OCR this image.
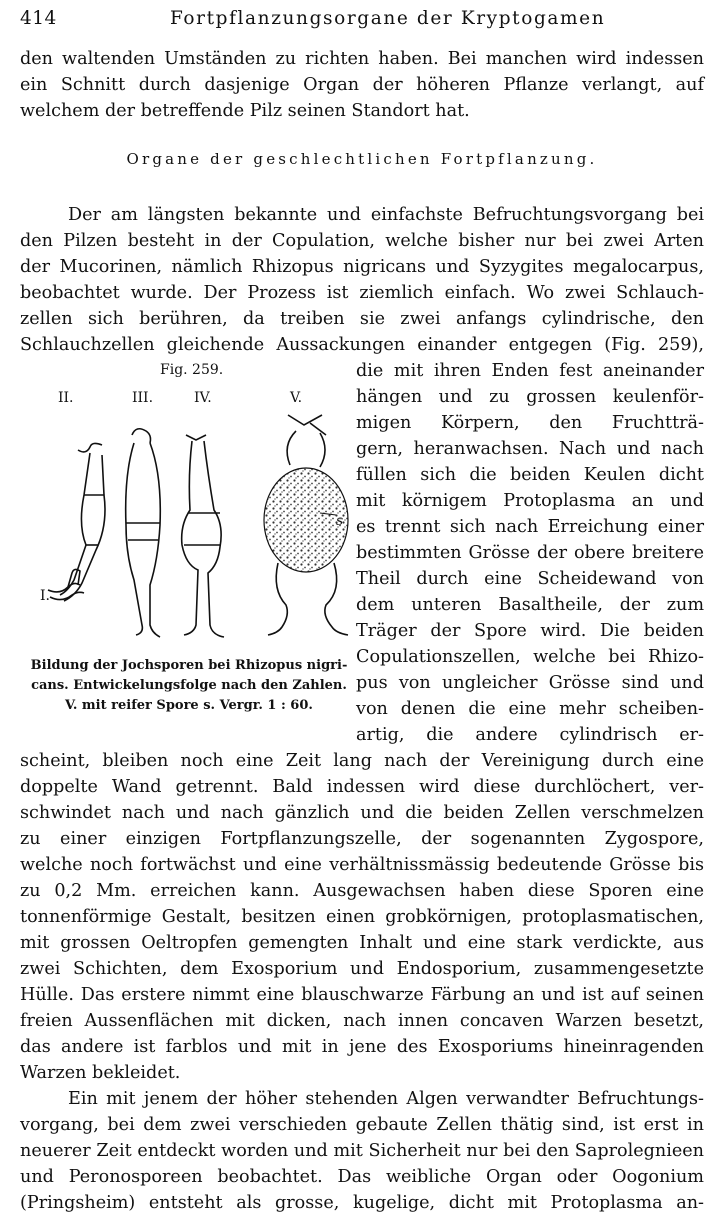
414	Fortpflanzungsorgane der Kryptogamen
den waltenden Umständen zu richten haben. Bei manchen wird indessen
ein Schnitt durch dasjenige Organ der höheren Pflanze verlangt, auf
welchem der betreffende Pilz seinen Standort hat.
Organe der geschlechtlichen Fortpflanzung.
Der am längsten bekannte und einfachste Befruchtungsvorgang bei
den Pilzen besteht in der Copulation, welche bisher nur bei zwei Arten
der Mucorinen, nämlich Rhizopus nigricans und Syzygites megalocarpus,
beobachtet wurde. Der Prozess ist ziemlich einfach. Wo zwei Schlauch-
zellen sich berühren, da treiben sie zwei anfangs cylindrische, den
Schlauchzellen gleichende Aussackungen einander entgegen (Fig. 259),
die mit ihren Enden fest aneinander
hängen und zu grossen keulenför-
migen Körpern, den Fruchtträ-
gern, heranwachsen. Nach und nach
füllen sich die beiden Keulen dicht
mit körnigem Protoplasma an und
es trennt sich nach Erreichung einer
bestimmten Grösse der obere breitere
Theil durch eine Scheidewand von
dem unteren Basaltheile, der zum
Träger der Spore wird. Die beiden
Copulationszellen, welche bei Rhizo-
pus von ungleicher Grösse sind und
von denen die eine mehr scheiben-
artig, die andere cylindrisch er-
Fig. 259.
II.	III.	IV.	V.
I.
Bildung der Jochsporen bei Rhizopus nigri-
cans. Entwickelungsfolge nach den Zahlen.
V. mit reifer Spore s. Vergr. 1 : 60.
scheint, bleiben noch eine Zeit lang nach der Vereinigung durch eine
doppelte Wand getrennt. Bald indessen wird diese durchlöchert, ver-
schwindet nach und nach gänzlich und die beiden Zellen verschmelzen
zu einer einzigen Fortpflanzungszelle, der sogenannten Zygospore,
welche noch fortwächst und eine verhältnissmässig bedeutende Grösse bis
zu 0,2 Mm. erreichen kann. Ausgewachsen haben diese Sporen eine
tonnenförmige Gestalt, besitzen einen grobkörnigen, protoplasmatischen,
mit grossen Oeltropfen gemengten Inhalt und eine stark verdickte, aus
zwei Schichten, dem Exosporium und Endosporium, zusammengesetzte
Hülle. Das erstere nimmt eine blauschwarze Färbung an und ist auf seinen
freien Aussenflächen mit dicken, nach innen concaven Warzen besetzt,
das andere ist farblos und mit in jene des Exosporiums hineinragenden
Warzen bekleidet.
Ein mit jenem der höher stehenden Algen verwandter Befruchtungs-
vorgang, bei dem zwei verschieden gebaute Zellen thätig sind, ist erst in
neuerer Zeit entdeckt worden und mit Sicherheit nur bei den Saprolegnieen
und Peronosporeen beobachtet. Das weibliche Organ oder Oogonium
(Pringsheim) entsteht als grosse, kugelige, dicht mit Protoplasma an-
